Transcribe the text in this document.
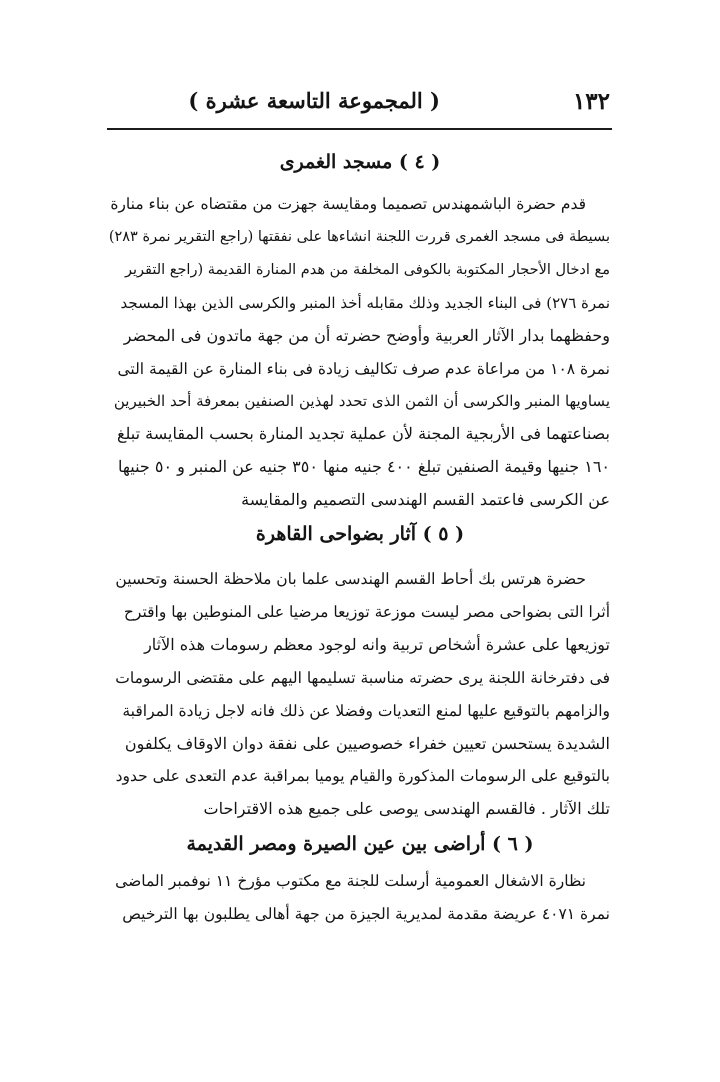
١٣٢
( المجموعة التاسعة عشرة )
( ٤ ) مسجد الغمرى
قدم حضرة الباشمهندس تصميما ومقايسة جهزت من مقتضاه عن بناء منارة
بسيطة فى مسجد الغمرى قررت اللجنة انشاءها على نفقتها (راجع التقرير نمرة ٢٨٣)
مع ادخال الأحجار المكتوبة بالكوفى المخلفة من هدم المنارة القديمة (راجع التقرير
نمرة ٢٧٦) فى البناء الجديد وذلك مقابله أخذ المنبر والكرسى الذين بهذا المسجد
وحفظهما بدار الآثار العربية وأوضح حضرته أن من جهة ماتدون فى المحضر
نمرة ١٠٨ من مراعاة عدم صرف تكاليف زيادة فى بناء المنارة عن القيمة التى
يساويها المنبر والكرسى أن الثمن الذى تحدد لهذين الصنفين بمعرفة أحد الخبيرين
بصناعتهما فى الأربجية المجنة لأن عملية تجديد المنارة بحسب المقايسة تبلغ
١٦٠ جنيها وقيمة الصنفين تبلغ ٤٠٠ جنيه منها ٣٥٠ جنيه عن المنبر و ٥٠ جنيها
عن الكرسى فاعتمد القسم الهندسى التصميم والمقايسة
( ٥ ) آثار بضواحى القاهرة
حضرة هرتس بك أحاط القسم الهندسى علما بان ملاحظة الحسنة وتحسين
أثرا التى بضواحى مصر ليست موزعة توزيعا مرضيا على المنوطين بها واقترح
توزيعها على عشرة أشخاص تربية وانه لوجود معظم رسومات هذه الآثار
فى دفترخانة اللجنة يرى حضرته مناسبة تسليمها اليهم على مقتضى الرسومات
والزامهم بالتوقيع عليها لمنع التعديات وفضلا عن ذلك فانه لاجل زيادة المراقبة
الشديدة يستحسن تعيين خفراء خصوصيين على نفقة دوان الاوقاف يكلفون
بالتوقيع على الرسومات المذكورة والقيام يوميا بمراقبة عدم التعدى على حدود
تلك الآثار . فالقسم الهندسى يوصى على جميع هذه الاقتراحات
( ٦ ) أراضى بين عين الصيرة ومصر القديمة
نظارة الاشغال العمومية أرسلت للجنة مع مكتوب مؤرخ ١١ نوفمبر الماضى
نمرة ٤٠٧١ عريضة مقدمة لمديرية الجيزة من جهة أهالى يطلبون بها الترخيص
